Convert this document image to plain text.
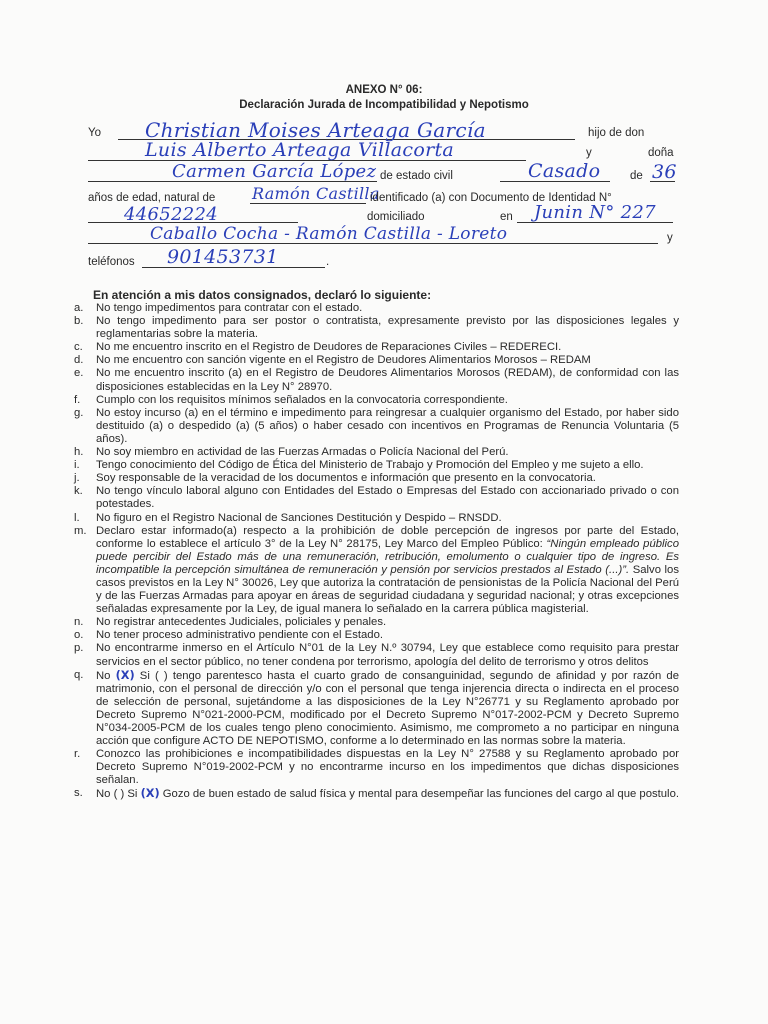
ANEXO N° 06:
Declaración Jurada de Incompatibilidad y Nepotismo
Yo Christian Moises Arteaga García	hijo de don
Luis Alberto Arteaga Villacorta	y	doña
Carmen García López de estado civil	Casado	de 36
años de edad, natural de Ramón Castilla
identificado (a) con Documento de Identidad N°
44652224	domiciliado	en Junin N° 227
Caballo Cocha - Ramón Castilla - Loreto	y
teléfonos 901453731	.
En atención a mis datos consignados, declaró lo siguiente:
a. No tengo impedimentos para contratar con el estado.
b. No tengo impedimento para ser postor o contratista, expresamente previsto por las disposiciones legales y reglamentarias sobre la materia.
c. No me encuentro inscrito en el Registro de Deudores de Reparaciones Civiles – REDERECI.
d. No me encuentro con sanción vigente en el Registro de Deudores Alimentarios Morosos – REDAM
e. No me encuentro inscrito (a) en el Registro de Deudores Alimentarios Morosos (REDAM), de conformidad con las disposiciones establecidas en la Ley N° 28970.
f. Cumplo con los requisitos mínimos señalados en la convocatoria correspondiente.
g. No estoy incurso (a) en el término e impedimento para reingresar a cualquier organismo del Estado, por haber sido destituido (a) o despedido (a) (5 años) o haber cesado con incentivos en Programas de Renuncia Voluntaria (5 años).
h. No soy miembro en actividad de las Fuerzas Armadas o Policía Nacional del Perú.
i. Tengo conocimiento del Código de Ética del Ministerio de Trabajo y Promoción del Empleo y me sujeto a ello.
j. Soy responsable de la veracidad de los documentos e información que presento en la convocatoria.
k. No tengo vínculo laboral alguno con Entidades del Estado o Empresas del Estado con accionariado privado o con potestades.
l. No figuro en el Registro Nacional de Sanciones Destitución y Despido – RNSDD.
m. Declaro estar informado(a) respecto a la prohibición de doble percepción de ingresos por parte del Estado, conforme lo establece el artículo 3° de la Ley N° 28175, Ley Marco del Empleo Público: “Ningún empleado público puede percibir del Estado más de una remuneración, retribución, emolumento o cualquier tipo de ingreso. Es incompatible la percepción simultánea de remuneración y pensión por servicios prestados al Estado (...)”. Salvo los casos previstos en la Ley N° 30026, Ley que autoriza la contratación de pensionistas de la Policía Nacional del Perú y de las Fuerzas Armadas para apoyar en áreas de seguridad ciudadana y seguridad nacional; y otras excepciones señaladas expresamente por la Ley, de igual manera lo señalado en la carrera pública magisterial.
n. No registrar antecedentes Judiciales, policiales y penales.
o. No tener proceso administrativo pendiente con el Estado.
p. No encontrarme inmerso en el Artículo N°01 de la Ley N.º 30794, Ley que establece como requisito para prestar servicios en el sector público, no tener condena por terrorismo, apología del delito de terrorismo y otros delitos
q. No (X) Si ( ) tengo parentesco hasta el cuarto grado de consanguinidad, segundo de afinidad y por razón de matrimonio, con el personal de dirección y/o con el personal que tenga injerencia directa o indirecta en el proceso de selección de personal, sujetándome a las disposiciones de la Ley N°26771 y su Reglamento aprobado por Decreto Supremo N°021-2000-PCM, modificado por el Decreto Supremo N°017-2002-PCM y Decreto Supremo N°034-2005-PCM de los cuales tengo pleno conocimiento. Asimismo, me comprometo a no participar en ninguna acción que configure ACTO DE NEPOTISMO, conforme a lo determinado en las normas sobre la materia.
r. Conozco las prohibiciones e incompatibilidades dispuestas en la Ley N° 27588 y su Reglamento aprobado por Decreto Supremo N°019-2002-PCM y no encontrarme incurso en los impedimentos que dichas disposiciones señalan.
s. No ( ) Si (X) Gozo de buen estado de salud física y mental para desempeñar las funciones del cargo al que postulo.
